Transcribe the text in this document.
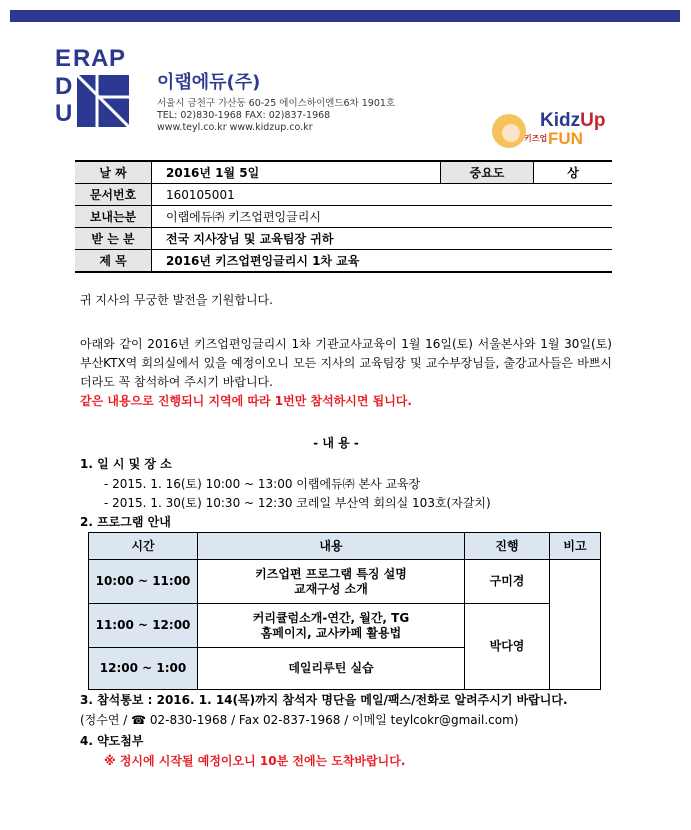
E R A P
D
U
이랩에듀(주)
서울시 금천구 가산동 60-25 에이스하이엔드6차 1901호
TEL: 02)830-1968 FAX: 02)837-1968
www.teyl.co.kr www.kidzup.co.kr	KidzUp
키즈업 FUN
날 짜	2016년 1월 5일	중요도	상
문서번호	160105001		
보내는분	이랩에듀㈜ 키즈업편잉글리시		
받 는 분	전국 지사장님 및 교육팀장 귀하		
제 목	2016년 키즈업편잉글리시 1차 교육		
귀 지사의 무궁한 발전을 기원합니다.
아래와 같이 2016년 키즈업편잉글리시 1차 기관교사교육이 1월 16일(토) 서울본사와 1월 30일(토) 부산KTX역 회의실에서 있을 예정이오니 모든 지사의 교육팀장 및 교수부장님들, 출강교사들은 바쁘시더라도 꼭 참석하여 주시기 바랍니다.
같은 내용으로 진행되니 지역에 따라 1번만 참석하시면 됩니다.
- 내 용 -
1. 일 시 및 장 소
- 2015. 1. 16(토) 10:00 ~ 13:00 이랩에듀㈜ 본사 교육장
- 2015. 1. 30(토) 10:30 ~ 12:30 코레일 부산역 회의실 103호(자갈치)
2. 프로그램 안내
시간	내용	진행	비고
10:00 ~ 11:00	키즈업편 프로그램 특징 설명
교재구성 소개	구미경	
11:00 ~ 12:00	커리큘럼소개-연간, 월간, TG
홈페이지, 교사카페 활용법	박다영	
12:00 ~ 1:00	데일리루틴 실습		
3. 참석통보 : 2016. 1. 14(목)까지 참석자 명단을 메일/팩스/전화로 알려주시기 바랍니다.
(정수연 / ☎ 02-830-1968 / Fax 02-837-1968 / 이메일 teylcokr@gmail.com)
4. 약도첨부
※ 정시에 시작될 예정이오니 10분 전에는 도착바랍니다.
